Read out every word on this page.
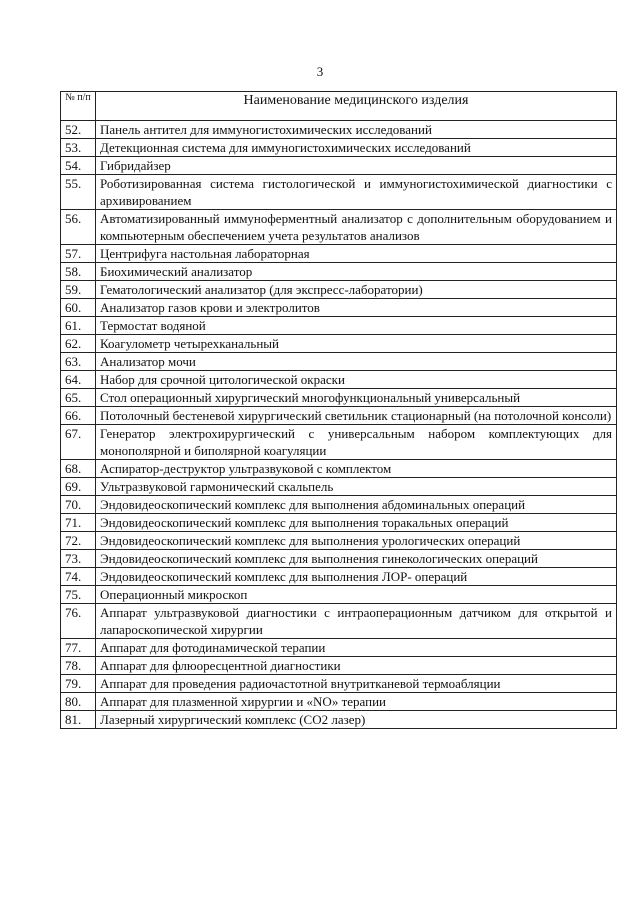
3
№ п/п	Наименование медицинского изделия
52.	Панель антител для иммуногистохимических исследований
53.	Детекционная система для иммуногистохимических исследований
54.	Гибридайзер
55.	Роботизированная система гистологической и иммуногистохимической диагностики с архивированием
56.	Автоматизированный иммуноферментный анализатор с дополнительным оборудованием и компьютерным обеспечением учета результатов анализов
57.	Центрифуга настольная лабораторная
58.	Биохимический анализатор
59.	Гематологический анализатор (для экспресс-лаборатории)
60.	Анализатор газов крови и электролитов
61.	Термостат водяной
62.	Коагулометр четырехканальный
63.	Анализатор мочи
64.	Набор для срочной цитологической окраски
65.	Стол операционный хирургический многофункциональный универсальный
66.	Потолочный бестеневой хирургический светильник стационарный (на потолочной консоли)
67.	Генератор электрохирургический с универсальным набором комплектующих для монополярной и биполярной коагуляции
68.	Аспиратор-деструктор ультразвуковой с комплектом
69.	Ультразвуковой гармонический скальпель
70.	Эндовидеоскопический комплекс для выполнения абдоминальных операций
71.	Эндовидеоскопический комплекс для выполнения торакальных операций
72.	Эндовидеоскопический комплекс для выполнения урологических операций
73.	Эндовидеоскопический комплекс для выполнения гинекологических операций
74.	Эндовидеоскопический комплекс для выполнения ЛОР- операций
75.	Операционный микроскоп
76.	Аппарат ультразвуковой диагностики с интраоперационным датчиком для открытой и лапароскопической хирургии
77.	Аппарат для фотодинамической терапии
78.	Аппарат для флюоресцентной диагностики
79.	Аппарат для проведения радиочастотной внутритканевой термоабляции
80.	Аппарат для плазменной хирургии и «NO» терапии
81.	Лазерный хирургический комплекс (СО2 лазер)
